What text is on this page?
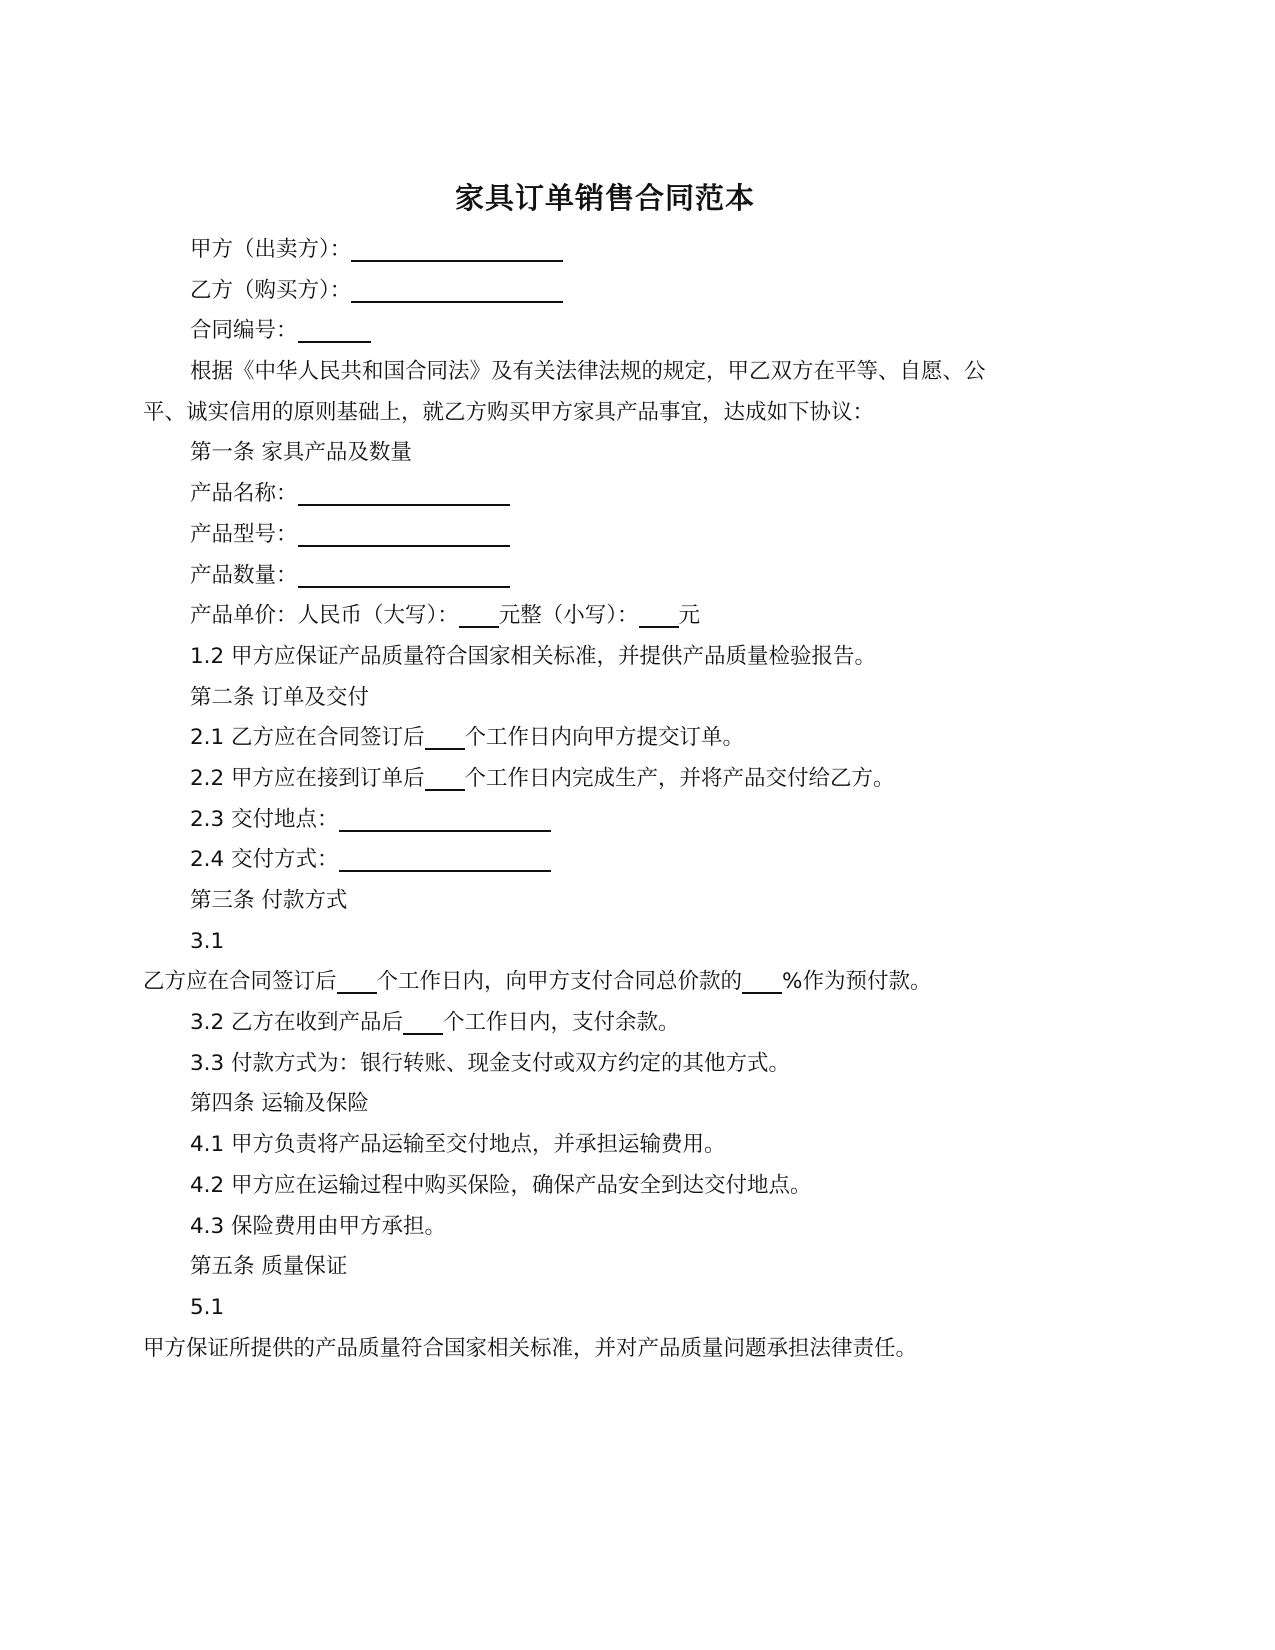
家具订单销售合同范本
甲方（出卖方）：
乙方（购买方）：
合同编号：
根据《中华人民共和国合同法》及有关法律法规的规定，甲乙双方在平等、自愿、公
平、诚实信用的原则基础上，就乙方购买甲方家具产品事宜，达成如下协议：
第一条 家具产品及数量
产品名称：
产品型号：
产品数量：
产品单价：人民币（大写）： 元整（小写）： 元
1.2 甲方应保证产品质量符合国家相关标准，并提供产品质量检验报告。
第二条 订单及交付
2.1 乙方应在合同签订后 个工作日内向甲方提交订单。
2.2 甲方应在接到订单后 个工作日内完成生产，并将产品交付给乙方。
2.3 交付地点：
2.4 交付方式：
第三条 付款方式
3.1
乙方应在合同签订后 个工作日内，向甲方支付合同总价款的 %作为预付款。
3.2 乙方在收到产品后 个工作日内，支付余款。
3.3 付款方式为：银行转账、现金支付或双方约定的其他方式。
第四条 运输及保险
4.1 甲方负责将产品运输至交付地点，并承担运输费用。
4.2 甲方应在运输过程中购买保险，确保产品安全到达交付地点。
4.3 保险费用由甲方承担。
第五条 质量保证
5.1
甲方保证所提供的产品质量符合国家相关标准，并对产品质量问题承担法律责任。
